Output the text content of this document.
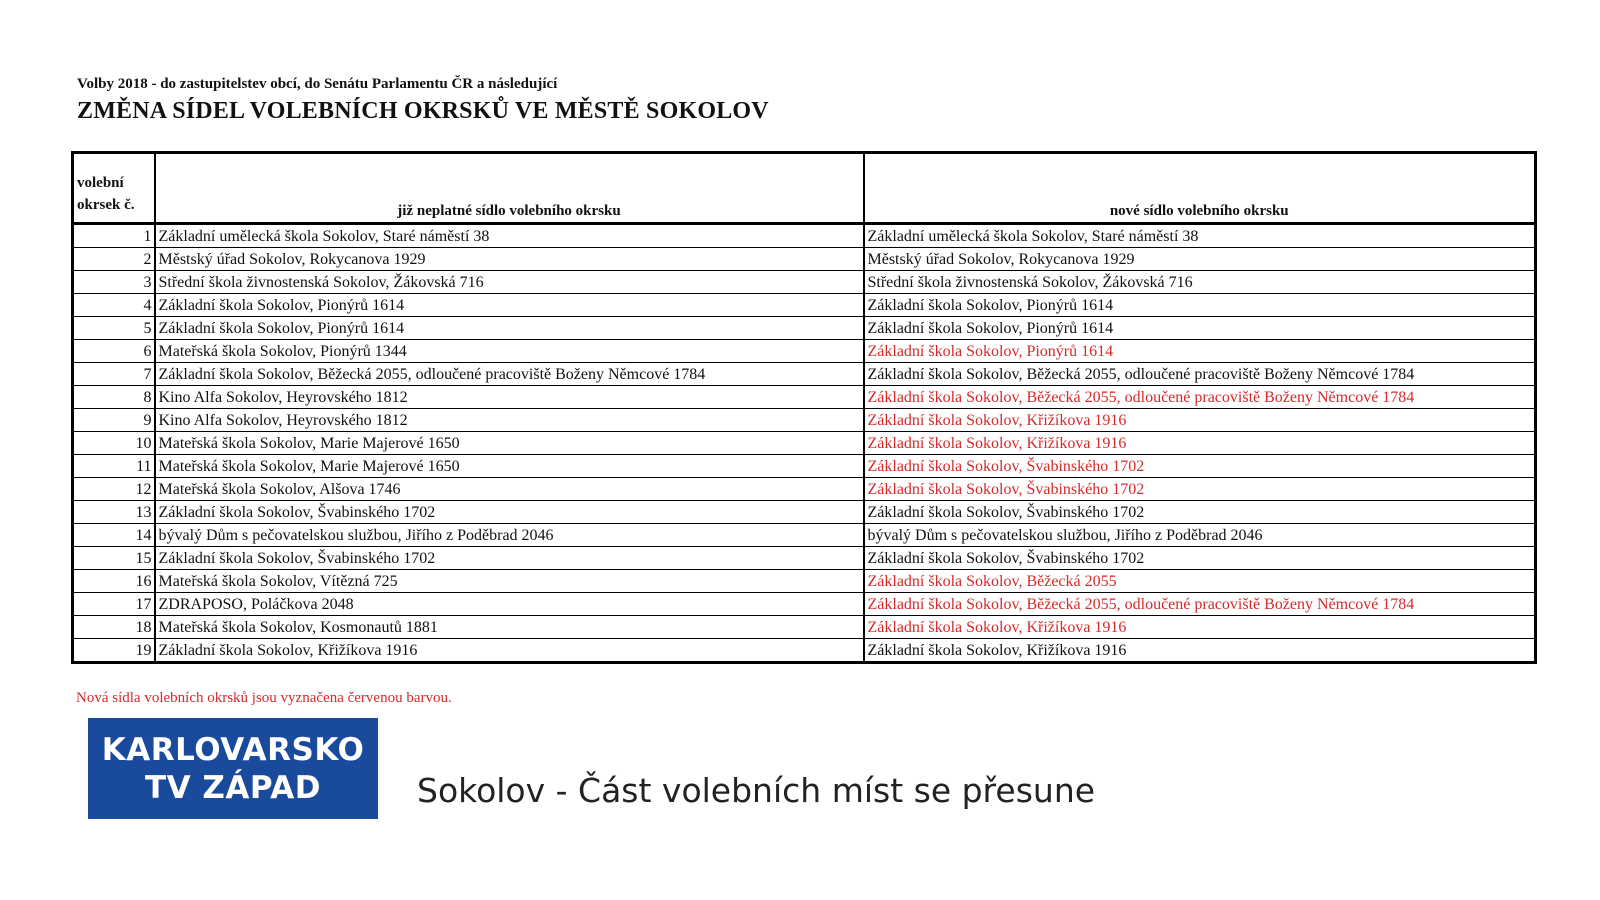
Volby 2018 - do zastupitelstev obcí, do Senátu Parlamentu ČR a následující
ZMĚNA SÍDEL VOLEBNÍCH OKRSKŮ VE MĚSTĚ SOKOLOV
volební
okrsek č.	již neplatné sídlo volebního okrsku	nové sídlo volebního okrsku
1	Základní umělecká škola Sokolov, Staré náměstí 38	Základní umělecká škola Sokolov, Staré náměstí 38
2	Městský úřad Sokolov, Rokycanova 1929	Městský úřad Sokolov, Rokycanova 1929
3	Střední škola živnostenská Sokolov, Žákovská 716	Střední škola živnostenská Sokolov, Žákovská 716
4	Základní škola Sokolov, Pionýrů 1614	Základní škola Sokolov, Pionýrů 1614
5	Základní škola Sokolov, Pionýrů 1614	Základní škola Sokolov, Pionýrů 1614
6	Mateřská škola Sokolov, Pionýrů 1344	Základní škola Sokolov, Pionýrů 1614
7	Základní škola Sokolov, Běžecká 2055, odloučené pracoviště Boženy Němcové 1784	Základní škola Sokolov, Běžecká 2055, odloučené pracoviště Boženy Němcové 1784
8	Kino Alfa Sokolov, Heyrovského 1812	Základní škola Sokolov, Běžecká 2055, odloučené pracoviště Boženy Němcové 1784
9	Kino Alfa Sokolov, Heyrovského 1812	Základní škola Sokolov, Křižíkova 1916
10	Mateřská škola Sokolov, Marie Majerové 1650	Základní škola Sokolov, Křižíkova 1916
11	Mateřská škola Sokolov, Marie Majerové 1650	Základní škola Sokolov, Švabinského 1702
12	Mateřská škola Sokolov, Alšova 1746	Základní škola Sokolov, Švabinského 1702
13	Základní škola Sokolov, Švabinského 1702	Základní škola Sokolov, Švabinského 1702
14	bývalý Dům s pečovatelskou službou, Jiřího z Poděbrad 2046	bývalý Dům s pečovatelskou službou, Jiřího z Poděbrad 2046
15	Základní škola Sokolov, Švabinského 1702	Základní škola Sokolov, Švabinského 1702
16	Mateřská škola Sokolov, Vítězná 725	Základní škola Sokolov, Běžecká 2055
17	ZDRAPOSO, Poláčkova 2048	Základní škola Sokolov, Běžecká 2055, odloučené pracoviště Boženy Němcové 1784
18	Mateřská škola Sokolov, Kosmonautů 1881	Základní škola Sokolov, Křižíkova 1916
19	Základní škola Sokolov, Křižíkova 1916	Základní škola Sokolov, Křižíkova 1916
Nová sídla volebních okrsků jsou vyznačena červenou barvou.
KARLOVARSKO
TV ZÁPAD	Sokolov - Část volebních míst se přesune
